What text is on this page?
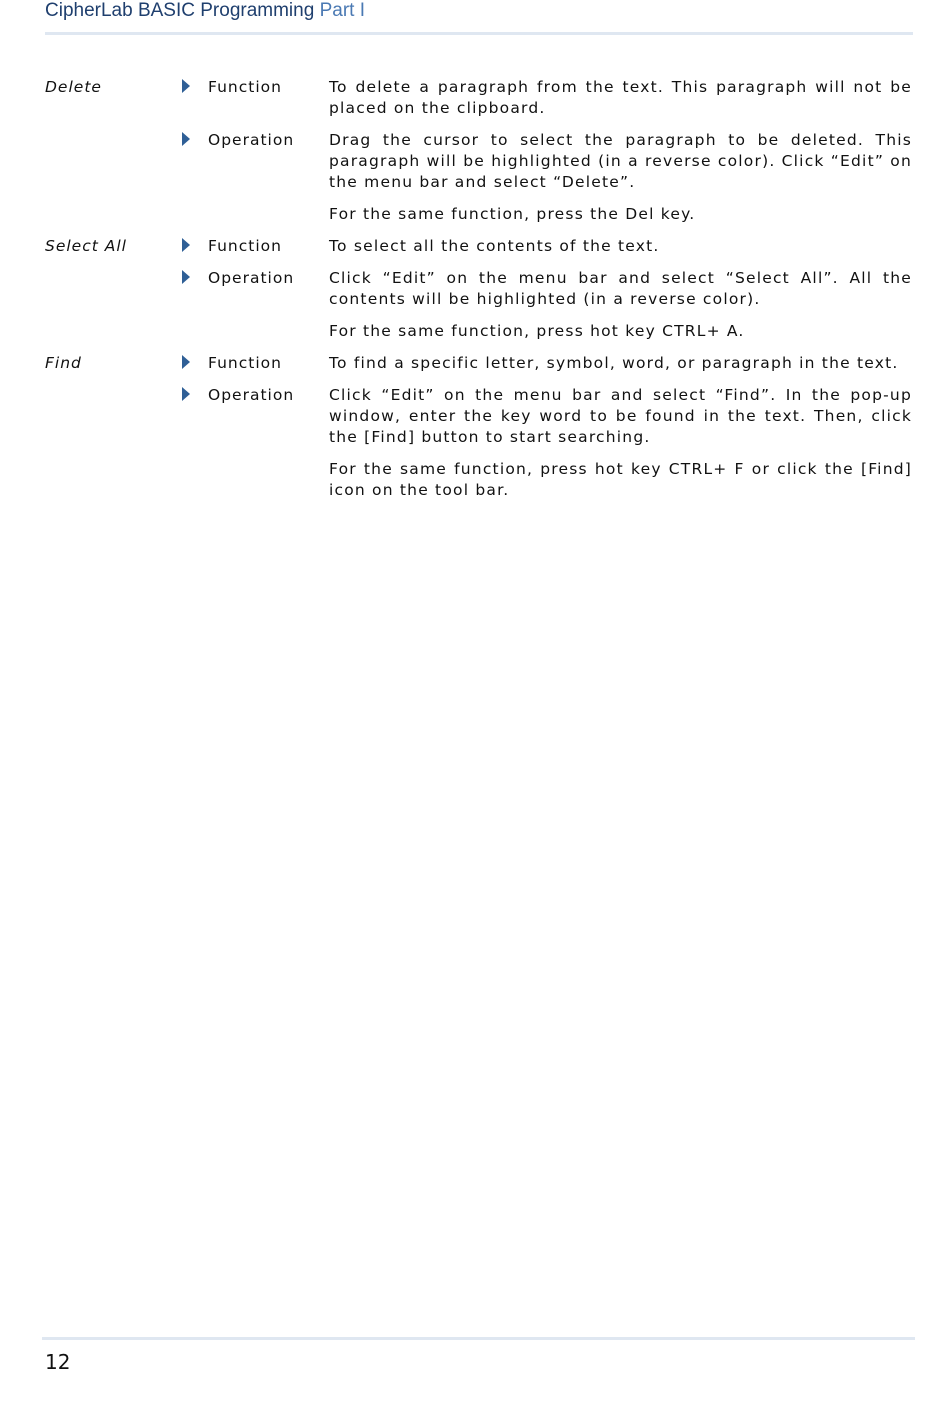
CipherLab BASIC Programming Part I
Delete	Function	To delete a paragraph from the text. This paragraph will not be placed on the clipboard.

Operation	Drag the cursor to select the paragraph to be deleted. This paragraph will be highlighted (in a reverse color). Click “Edit” on the menu bar and select “Delete”.

For the same function, press the Del key.

Select All	Function	To select all the contents of the text.

Operation	Click “Edit” on the menu bar and select “Select All”. All the contents will be highlighted (in a reverse color).

For the same function, press hot key CTRL+ A.

Find	Function	To find a specific letter, symbol, word, or paragraph in the text.

Operation	Click “Edit” on the menu bar and select “Find”. In the pop-up window, enter the key word to be found in the text. Then, click the [Find] button to start searching.

For the same function, press hot key CTRL+ F or click the [Find] icon on the tool bar.

12
